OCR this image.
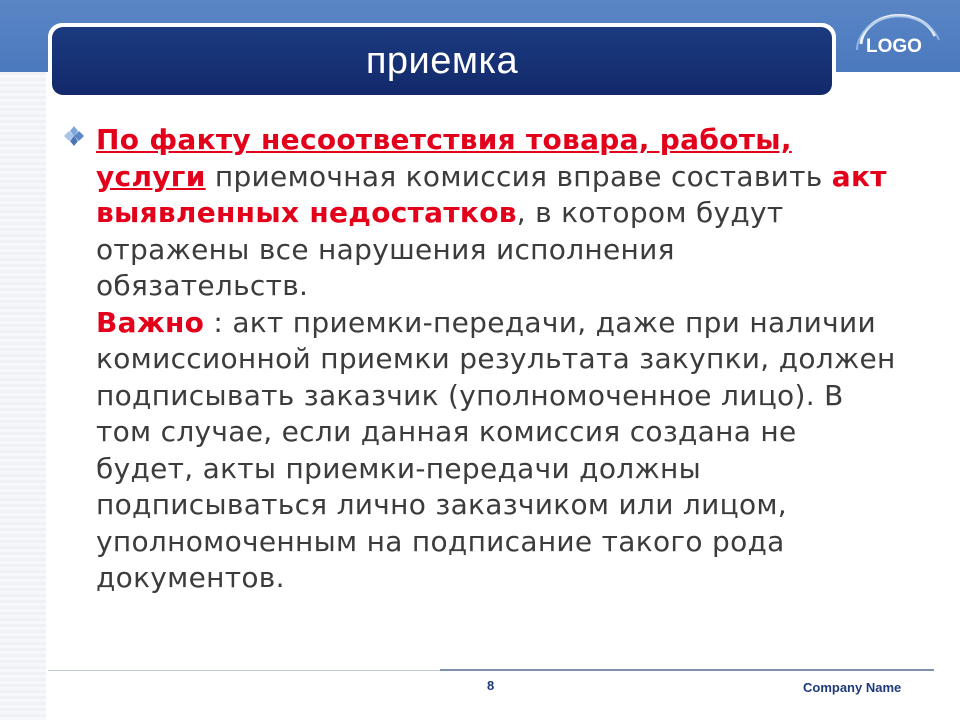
приемка	LOGO

По факту несоответствия товара, работы,
услуги приемочная комиссия вправе составить акт выявленных недостатков, в котором будут отражены все нарушения исполнения обязательств.
Важно : акт приемки-передачи, даже при наличии комиссионной приемки результата закупки, должен подписывать заказчик (уполномоченное лицо). В том случае, если данная комиссия создана не будет, акты приемки-передачи должны подписываться лично заказчиком или лицом, уполномоченным на подписание такого рода документов.

8	Company Name
